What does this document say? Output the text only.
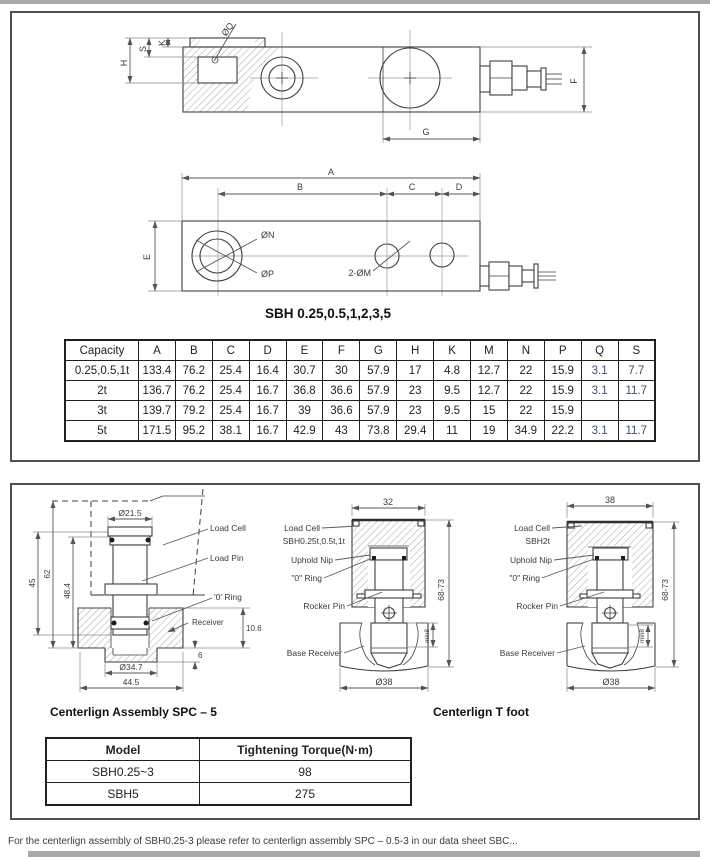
H
S
K
ØQ
F
G
A
B	C	D
E
ØN
ØP	2-ØM
SBH 0.25,0.5,1,2,3,5
Capacity	A	B	C	D	E	F	G	H	K	M	N	P	Q	S
0.25,0.5,1t	133.4	76.2	25.4	16.4	30.7	30	57.9	17	4.8	12.7	22	15.9	3.1	7.7
2t	136.7	76.2	25.4	16.7	36.8	36.6	57.9	23	9.5	12.7	22	15.9	3.1	11.7
3t	139.7	79.2	25.4	16.7	39	36.6	57.9	23	9.5	15	22	15.9		
5t	171.5	95.2	38.1	16.7	42.9	43	73.8	29.4	11	19	34.9	22.2	3.1	11.7
Ø21.5
45
62
48.4
10.6
6
Ø34.7
44.5
Load Cell
Load Pin
'0' Ring
Receiver
32
68-73
min8
Ø38
Load Cell
SBH0.25t,0.5t,1t
Uphold Nip
"0" Ring
Rocker Pin
Base Receiver
38
68-73
min8
Ø38
Load Cell
SBH2t
Uphold Nip
"0" Ring
Rocker Pin
Base Receiver
Centerlign Assembly SPC – 5	Centerlign T foot
Model	Tightening Torque(N·m)
SBH0.25~3	98
SBH5	275
For the centerlign assembly of SBH0.25-3 please refer to centerlign assembly SPC – 0.5-3 in our data sheet SBC...
